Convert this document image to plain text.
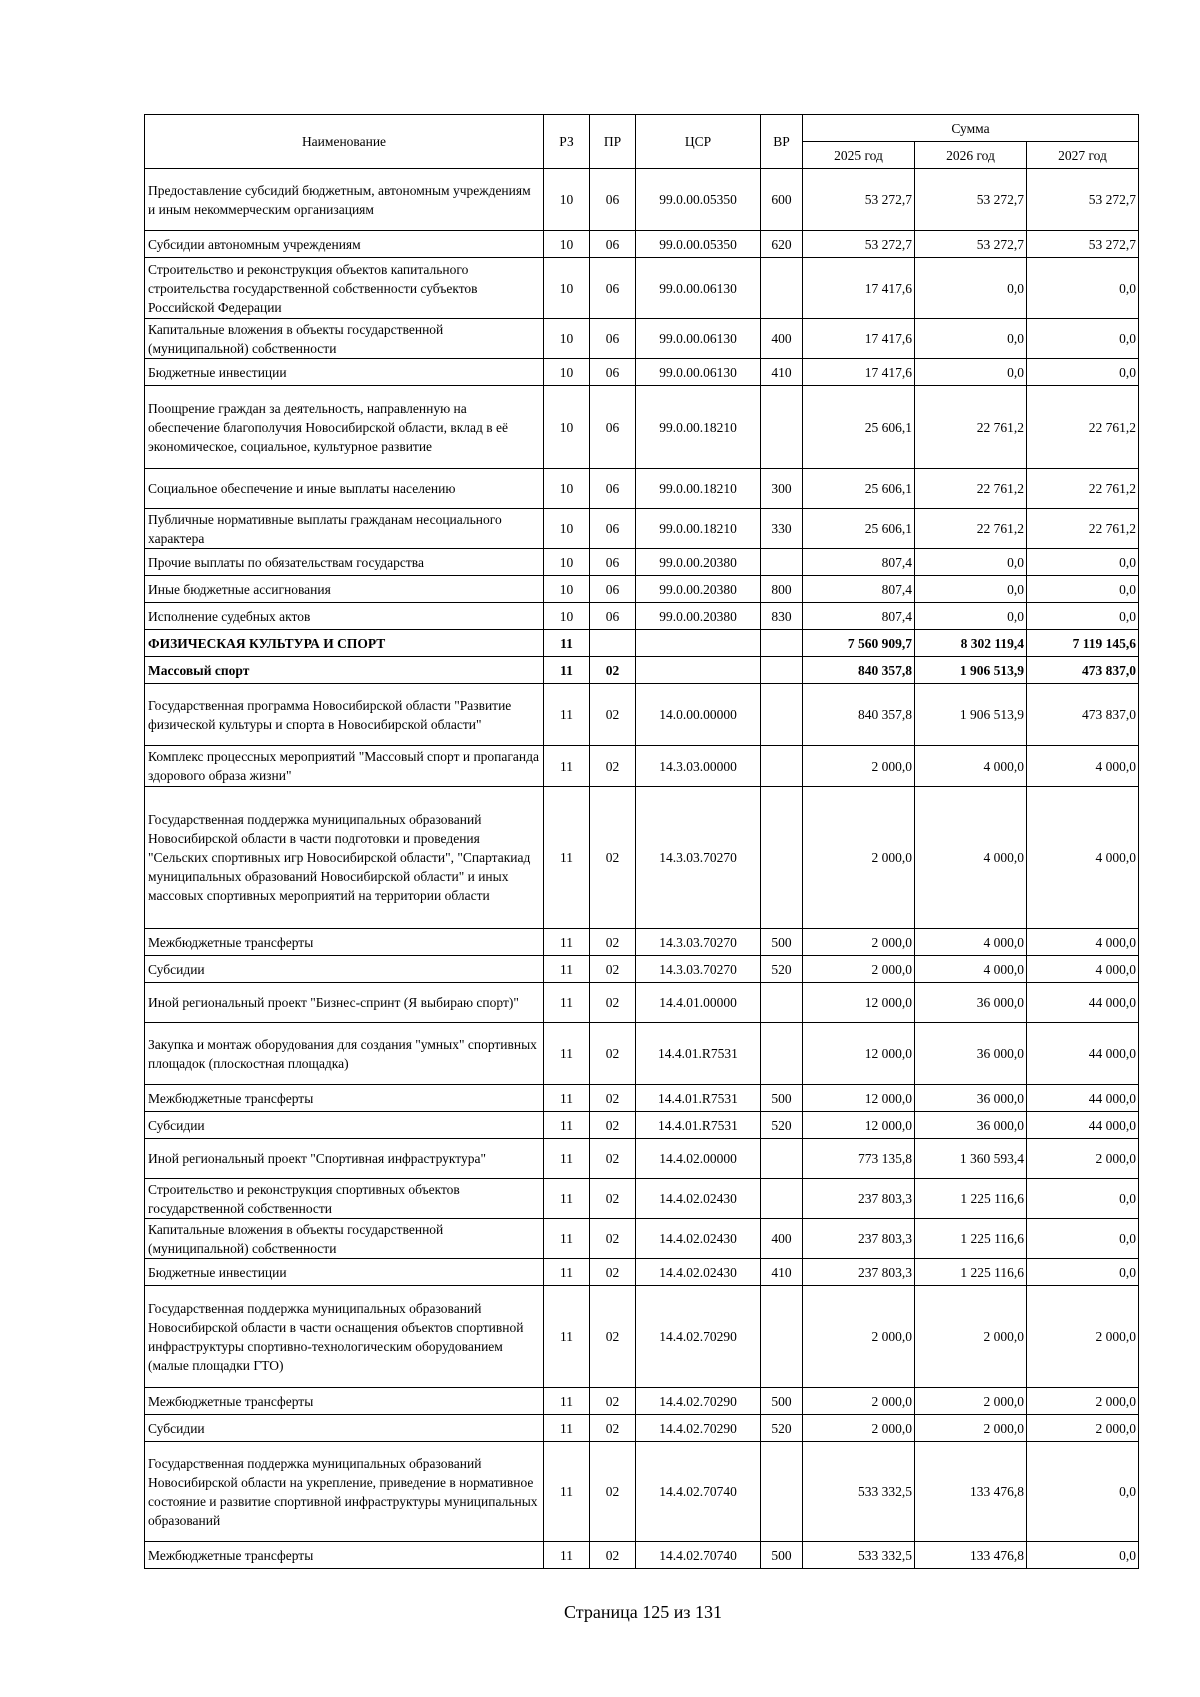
Наименование	РЗ	ПР	ЦСР	ВР	Сумма		
					2025 год	2026 год	2027 год
Предоставление субсидий бюджетным, автономным учреждениям и иным некоммерческим организациям	10	06	99.0.00.05350	600	53 272,7	53 272,7	53 272,7
Субсидии автономным учреждениям	10	06	99.0.00.05350	620	53 272,7	53 272,7	53 272,7
Строительство и реконструкция объектов капитального строительства государственной собственности субъектов Российской Федерации	10	06	99.0.00.06130		17 417,6	0,0	0,0
Капитальные вложения в объекты государственной (муниципальной) собственности	10	06	99.0.00.06130	400	17 417,6	0,0	0,0
Бюджетные инвестиции	10	06	99.0.00.06130	410	17 417,6	0,0	0,0
Поощрение граждан за деятельность, направленную на обеспечение благополучия Новосибирской области, вклад в её экономическое, социальное, культурное развитие	10	06	99.0.00.18210		25 606,1	22 761,2	22 761,2
Социальное обеспечение и иные выплаты населению	10	06	99.0.00.18210	300	25 606,1	22 761,2	22 761,2
Публичные нормативные выплаты гражданам несоциального характера	10	06	99.0.00.18210	330	25 606,1	22 761,2	22 761,2
Прочие выплаты по обязательствам государства	10	06	99.0.00.20380		807,4	0,0	0,0
Иные бюджетные ассигнования	10	06	99.0.00.20380	800	807,4	0,0	0,0
Исполнение судебных актов	10	06	99.0.00.20380	830	807,4	0,0	0,0
ФИЗИЧЕСКАЯ КУЛЬТУРА И СПОРТ	11				7 560 909,7	8 302 119,4	7 119 145,6
Массовый спорт	11	02			840 357,8	1 906 513,9	473 837,0
Государственная программа Новосибирской области "Развитие физической культуры и спорта в Новосибирской области"	11	02	14.0.00.00000		840 357,8	1 906 513,9	473 837,0
Комплекс процессных мероприятий "Массовый спорт и пропаганда здорового образа жизни"	11	02	14.3.03.00000		2 000,0	4 000,0	4 000,0
Государственная поддержка муниципальных образований Новосибирской области в части подготовки и проведения "Сельских спортивных игр Новосибирской области", "Спартакиад муниципальных образований Новосибирской области" и иных массовых спортивных мероприятий на территории области	11	02	14.3.03.70270		2 000,0	4 000,0	4 000,0
Межбюджетные трансферты	11	02	14.3.03.70270	500	2 000,0	4 000,0	4 000,0
Субсидии	11	02	14.3.03.70270	520	2 000,0	4 000,0	4 000,0
Иной региональный проект "Бизнес-спринт (Я выбираю спорт)"	11	02	14.4.01.00000		12 000,0	36 000,0	44 000,0
Закупка и монтаж оборудования для создания "умных" спортивных площадок (плоскостная площадка)	11	02	14.4.01.R7531		12 000,0	36 000,0	44 000,0
Межбюджетные трансферты	11	02	14.4.01.R7531	500	12 000,0	36 000,0	44 000,0
Субсидии	11	02	14.4.01.R7531	520	12 000,0	36 000,0	44 000,0
Иной региональный проект "Спортивная инфраструктура"	11	02	14.4.02.00000		773 135,8	1 360 593,4	2 000,0
Строительство и реконструкция спортивных объектов государственной собственности	11	02	14.4.02.02430		237 803,3	1 225 116,6	0,0
Капитальные вложения в объекты государственной (муниципальной) собственности	11	02	14.4.02.02430	400	237 803,3	1 225 116,6	0,0
Бюджетные инвестиции	11	02	14.4.02.02430	410	237 803,3	1 225 116,6	0,0
Государственная поддержка муниципальных образований Новосибирской области в части оснащения объектов спортивной инфраструктуры спортивно-технологическим оборудованием (малые площадки ГТО)	11	02	14.4.02.70290		2 000,0	2 000,0	2 000,0
Межбюджетные трансферты	11	02	14.4.02.70290	500	2 000,0	2 000,0	2 000,0
Субсидии	11	02	14.4.02.70290	520	2 000,0	2 000,0	2 000,0
Государственная поддержка муниципальных образований Новосибирской области на укрепление, приведение в нормативное состояние и развитие спортивной инфраструктуры муниципальных образований	11	02	14.4.02.70740		533 332,5	133 476,8	0,0
Межбюджетные трансферты	11	02	14.4.02.70740	500	533 332,5	133 476,8	0,0
Страница 125 из 131
